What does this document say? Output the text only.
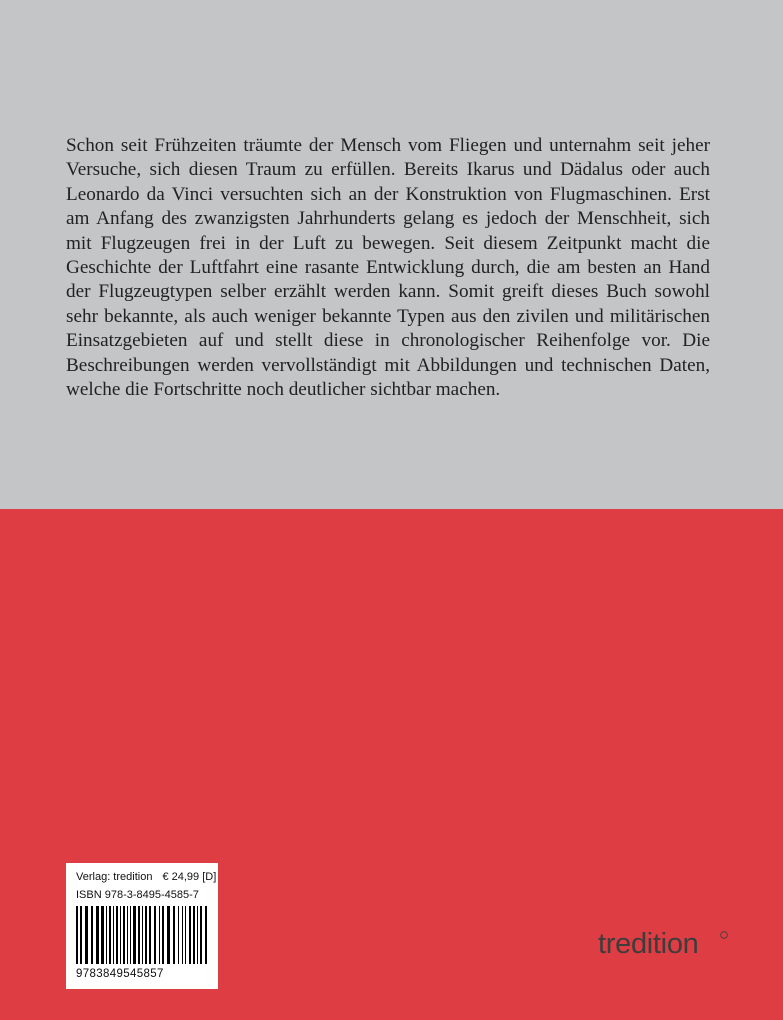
Schon seit Frühzeiten träumte der Mensch vom Fliegen und unternahm seit jeher Versuche, sich diesen Traum zu erfüllen. Bereits Ikarus und Dädalus oder auch Leonardo da Vinci versuchten sich an der Konstruktion von Flugmaschinen. Erst am Anfang des zwanzigsten Jahrhunderts gelang es jedoch der Menschheit, sich mit Flugzeugen frei in der Luft zu bewegen. Seit diesem Zeitpunkt macht die Geschichte der Luftfahrt eine rasante Entwicklung durch, die am besten an Hand der Flugzeugtypen selber erzählt werden kann. Somit greift dieses Buch sowohl sehr bekannte, als auch weniger bekannte Typen aus den zivilen und militärischen Einsatzgebieten auf und stellt diese in chronologischer Reihenfolge vor. Die Beschreibungen werden vervollständigt mit Abbildungen und technischen Daten, welche die Fortschritte noch deutlicher sichtbar machen.

Verlag: tredition € 24,99 [D]
ISBN 978-3-8495-4585-7
9783849545857
tredition
